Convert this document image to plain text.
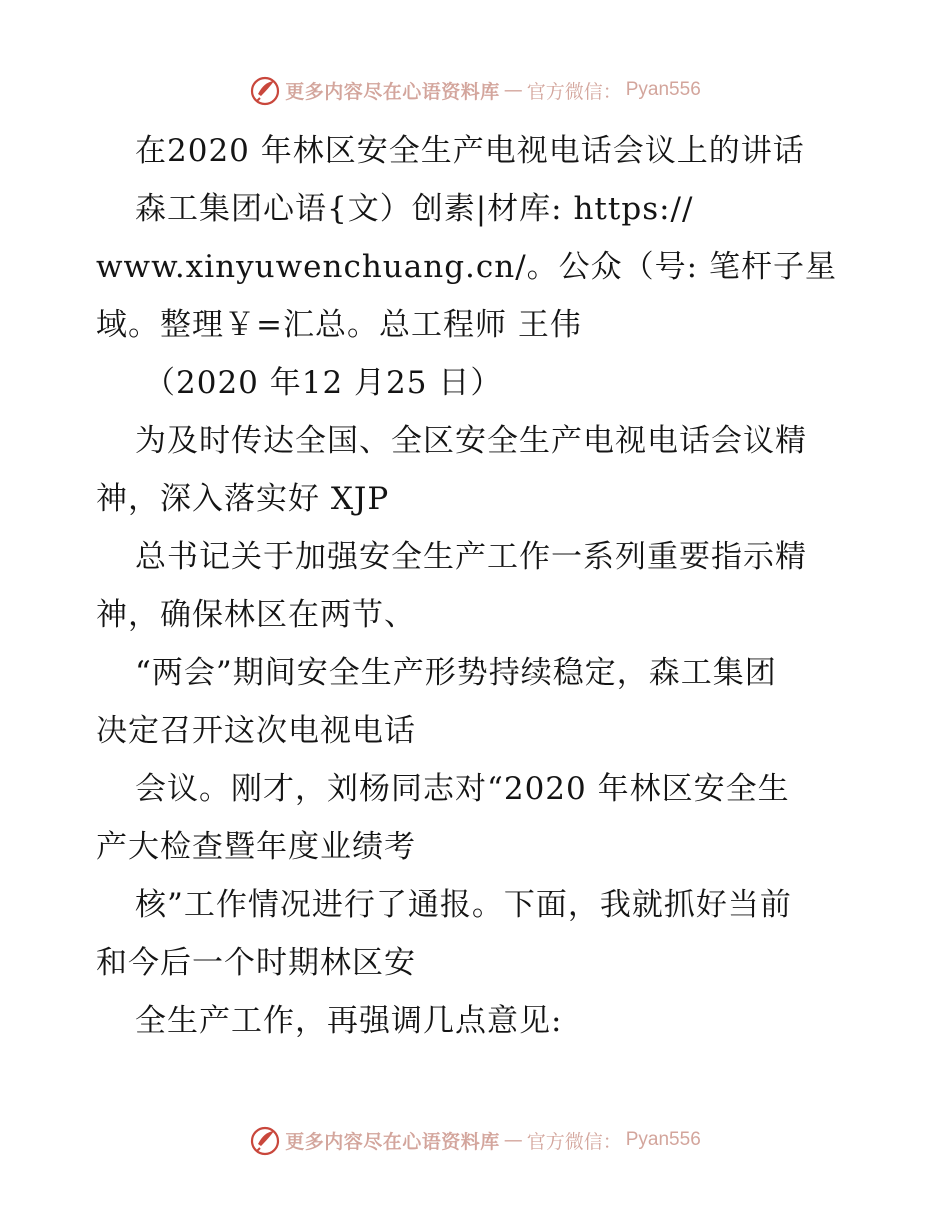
更多内容尽在心语资料库 — 官方微信： Pyan556
在2020 年林区安全生产电视电话会议上的讲话
森工集团心语{文）创素|材库: https://
www.xinyuwenchuang.cn/。公众（号: 笔杆子星
域。整理￥=汇总。总工程师 王伟
（2020 年12 月25 日）
为及时传达全国、全区安全生产电视电话会议精
神，深入落实好 XJP
总书记关于加强安全生产工作一系列重要指示精
神，确保林区在两节、
“两会”期间安全生产形势持续稳定，森工集团
决定召开这次电视电话
会议。刚才，刘杨同志对“2020 年林区安全生
产大检查暨年度业绩考
核”工作情况进行了通报。下面，我就抓好当前
和今后一个时期林区安
全生产工作，再强调几点意见:
更多内容尽在心语资料库 — 官方微信： Pyan556
